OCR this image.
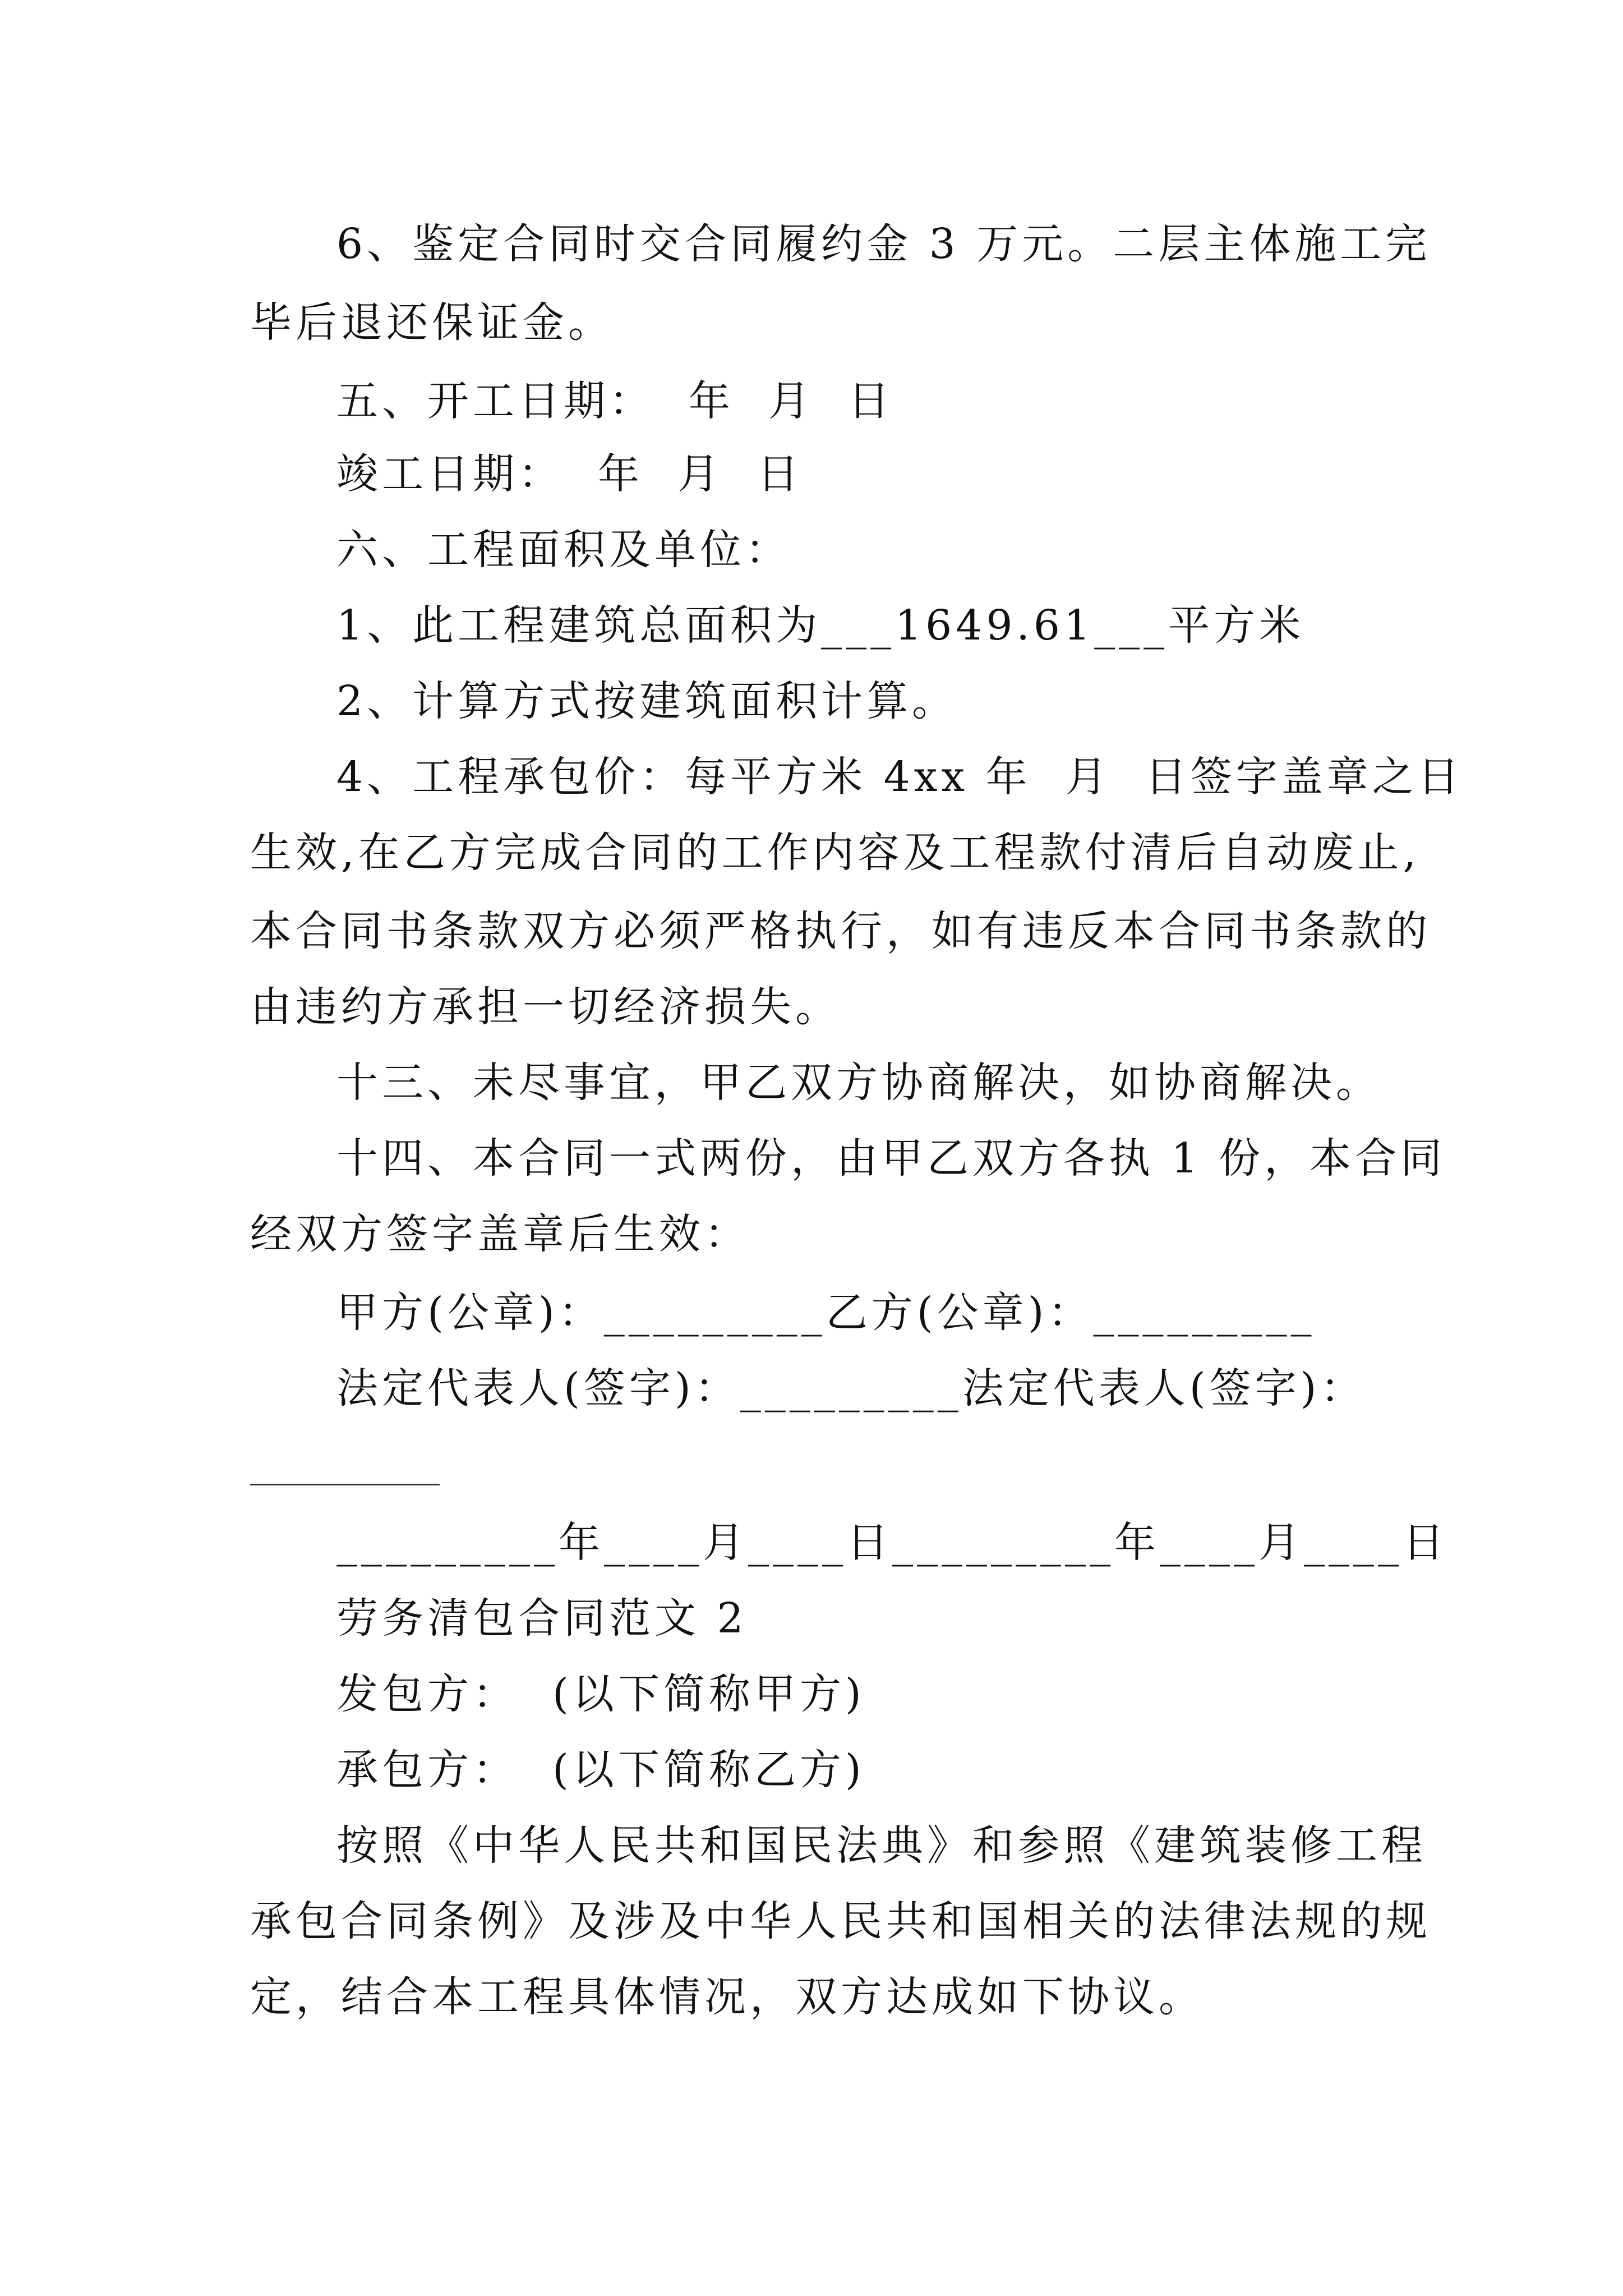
6、鉴定合同时交合同履约金 3 万元。二层主体施工完
毕后退还保证金。
五、开工日期：  年  月  日
竣工日期：  年  月  日
六、工程面积及单位：
1、此工程建筑总面积为___1649.61___平方米
2、计算方式按建筑面积计算。
4、工程承包价：每平方米 4xx 年  月  日签字盖章之日
生效,在乙方完成合同的工作内容及工程款付清后自动废止,
本合同书条款双方必须严格执行，如有违反本合同书条款的
由违约方承担一切经济损失。
十三、未尽事宜，甲乙双方协商解决，如协商解决。
十四、本合同一式两份，由甲乙双方各执 1 份，本合同
经双方签字盖章后生效：
甲方(公章)：_________乙方(公章)：_________
法定代表人(签字)：_________法定代表人(签字)：
_________年____月____日_________年____月____日
劳务清包合同范文 2
发包方：  (以下简称甲方)
承包方：  (以下简称乙方)
按照《中华人民共和国民法典》和参照《建筑装修工程
承包合同条例》及涉及中华人民共和国相关的法律法规的规
定，结合本工程具体情况，双方达成如下协议。
